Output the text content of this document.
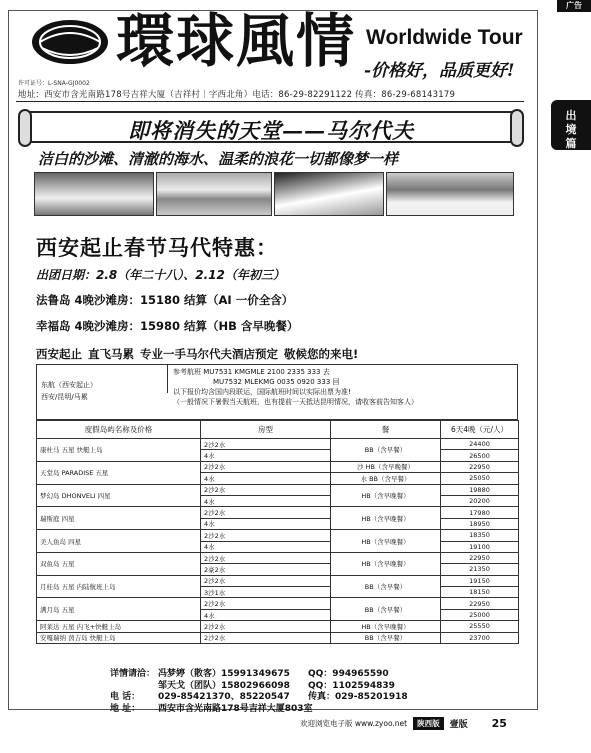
广告
出
境
篇
環球風情 Worldwide Tour
-价格好，品质更好!
许可证号：L-SNA-GJ0002
地址：西安市含光南路178号吉祥大厦（吉祥村｜字西北角）电话：86-29-82291122 传真：86-29-68143179
即将消失的天堂——马尔代夫
洁白的沙滩、清澈的海水、温柔的浪花一切都像梦一样
西安起止春节马代特惠：
出团日期：2.8（年二十八）、2.12（年初三）
法鲁岛 4晚沙滩房：15180 结算（AI 一价全含）
幸福岛 4晚沙滩房：15980 结算（HB 含早晚餐）
西安起止 直飞马累 专业一手马尔代夫酒店预定 敬候您的来电!
东航（西安起止）
西安/昆明/马累
参考航班 MU7531 KMGMLE 2100 2335 333 去
MU7532 MLEKMG 0035 0920 333 回
以下报价均含国内段联运，国际航班时间以实际出票为准!
（一般情况下暑假当天航班，也有提前一天抵达昆明情况，请收客前告知客人）
度假岛屿名称及价格	房型	餐	6天4晚（元/人）
康杜马 五星 快艇上岛	2沙2水	BB（含早餐）	24400
	4水		26500
天堂岛 PARADISE 五星	2沙2水	沙 HB（含早晚餐）	22950
	4水	水 BB（含早餐）	25050
梦幻岛 DHONVELI 四星	2沙2水	HB（含早晚餐）	19880
	4水		20200
瑞斯庭 四星	2沙2水	HB（含早晚餐）	17980
	4水		18950
美人鱼岛 四星	2沙2水	HB（含早晚餐）	18350
	4水		19100
双鱼岛 五星	2沙2水	HB（含早晚餐）	22950
	2豪2水		21350
月桂岛 五星 内陆航班上岛	2沙2水	BB（含早餐）	19150
	3沙1水		18150
满月岛 五星	2沙2水	BB（含早餐）	22950
	4水		25000
阿莱达 五星 内飞+快艇上岛	2沙2水	HB（含早晚餐）	25550
安嘎瑞纳 茵吉岛 快艇上岛	2沙2水	BB（含早餐）	23700
详情请洽： 冯梦婷（散客）15991349675 QQ：994965590
邹天戈（团队）15802966098 QQ：1102594839
电 话： 029-85421370、85220547 传真：029-85201918
地 址： 西安市含光南路178号吉祥大厦803室
欢迎浏览电子版 www.zyoo.net	陕西版	壹版 25
